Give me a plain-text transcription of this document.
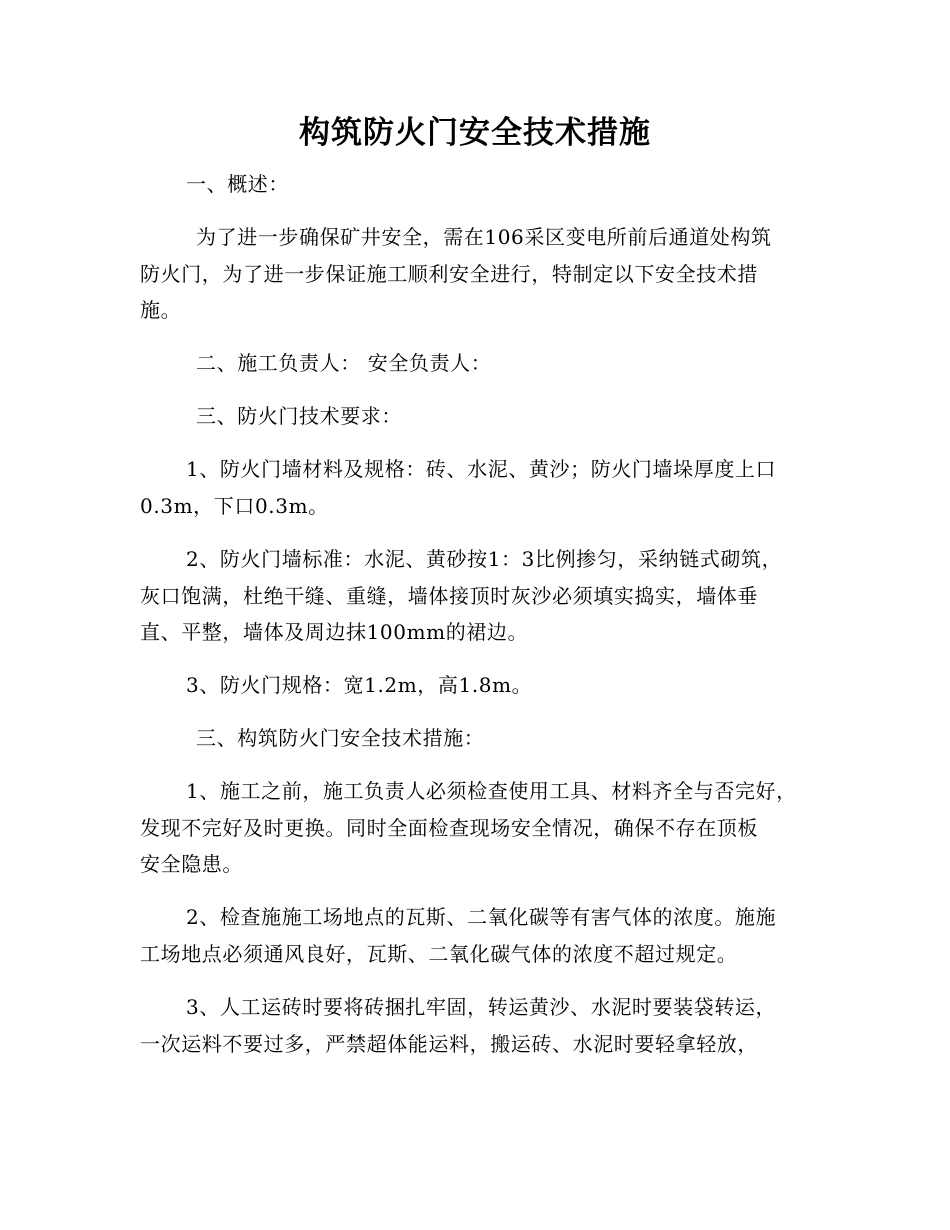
构筑防火门安全技术措施
一、概述：
为了进一步确保矿井安全，需在106采区变电所前后通道处构筑
防火门，为了进一步保证施工顺利安全进行，特制定以下安全技术措
施。
二、施工负责人： 安全负责人：
三、防火门技术要求：
1、防火门墙材料及规格：砖、水泥、黄沙；防火门墙垛厚度上口
0.3m，下口0.3m。
2、防火门墙标准：水泥、黄砂按1：3比例掺匀，采纳链式砌筑，
灰口饱满，杜绝干缝、重缝，墙体接顶时灰沙必须填实捣实，墙体垂
直、平整，墙体及周边抹100mm的裙边。
3、防火门规格：宽1.2m，高1.8m。
三、构筑防火门安全技术措施：
1、施工之前，施工负责人必须检查使用工具、材料齐全与否完好，
发现不完好及时更换。同时全面检查现场安全情况，确保不存在顶板
安全隐患。
2、检查施施工场地点的瓦斯、二氧化碳等有害气体的浓度。施施
工场地点必须通风良好，瓦斯、二氧化碳气体的浓度不超过规定。
3、人工运砖时要将砖捆扎牢固，转运黄沙、水泥时要装袋转运，
一次运料不要过多，严禁超体能运料，搬运砖、水泥时要轻拿轻放，
